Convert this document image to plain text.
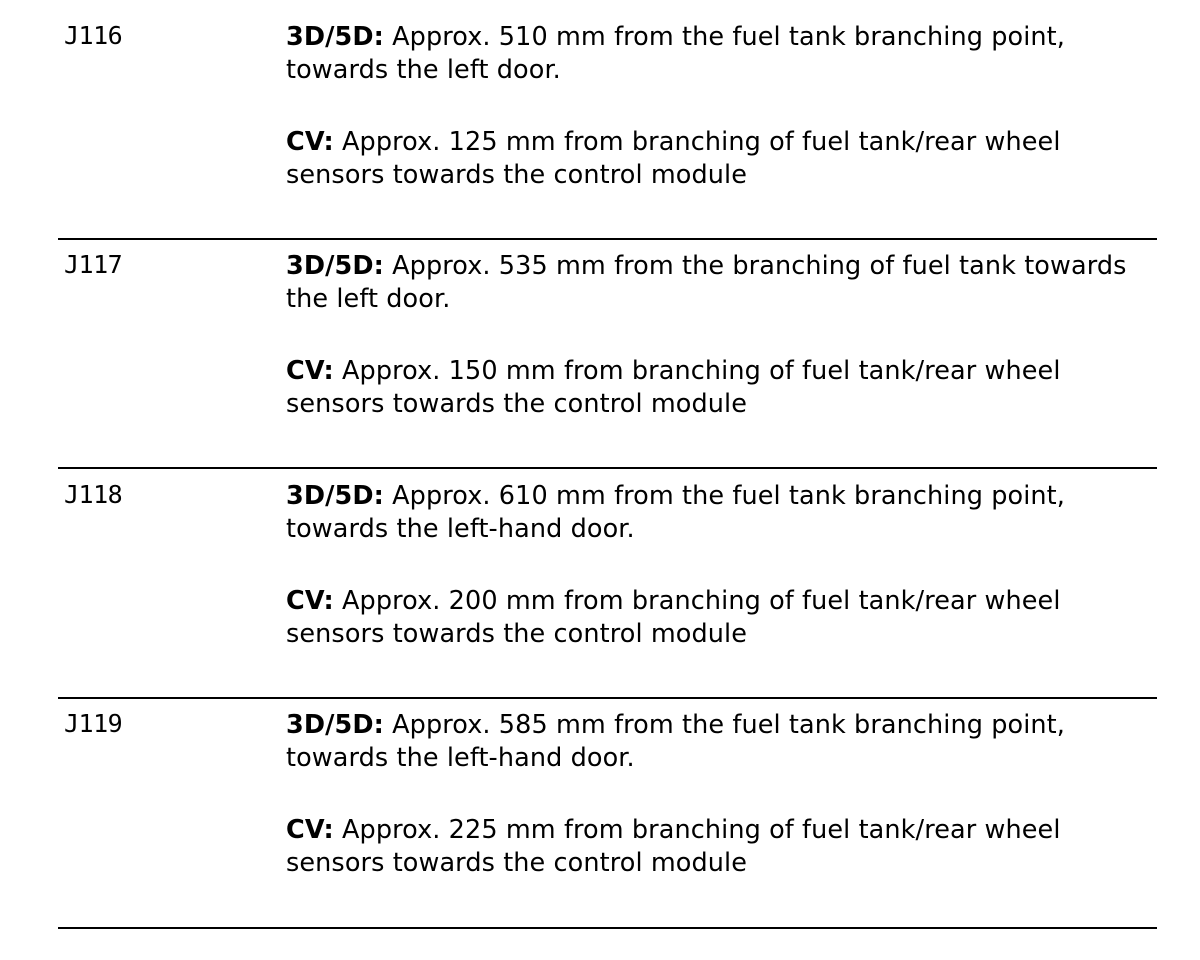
J116	3D/5D: Approx. 510 mm from the fuel tank branching point, towards the left door.

CV: Approx. 125 mm from branching of fuel tank/rear wheel sensors towards the control module

J117	3D/5D: Approx. 535 mm from the branching of fuel tank towards the left door.

CV: Approx. 150 mm from branching of fuel tank/rear wheel sensors towards the control module

J118	3D/5D: Approx. 610 mm from the fuel tank branching point, towards the left-hand door.

CV: Approx. 200 mm from branching of fuel tank/rear wheel sensors towards the control module

J119	3D/5D: Approx. 585 mm from the fuel tank branching point, towards the left-hand door.

CV: Approx. 225 mm from branching of fuel tank/rear wheel sensors towards the control module
